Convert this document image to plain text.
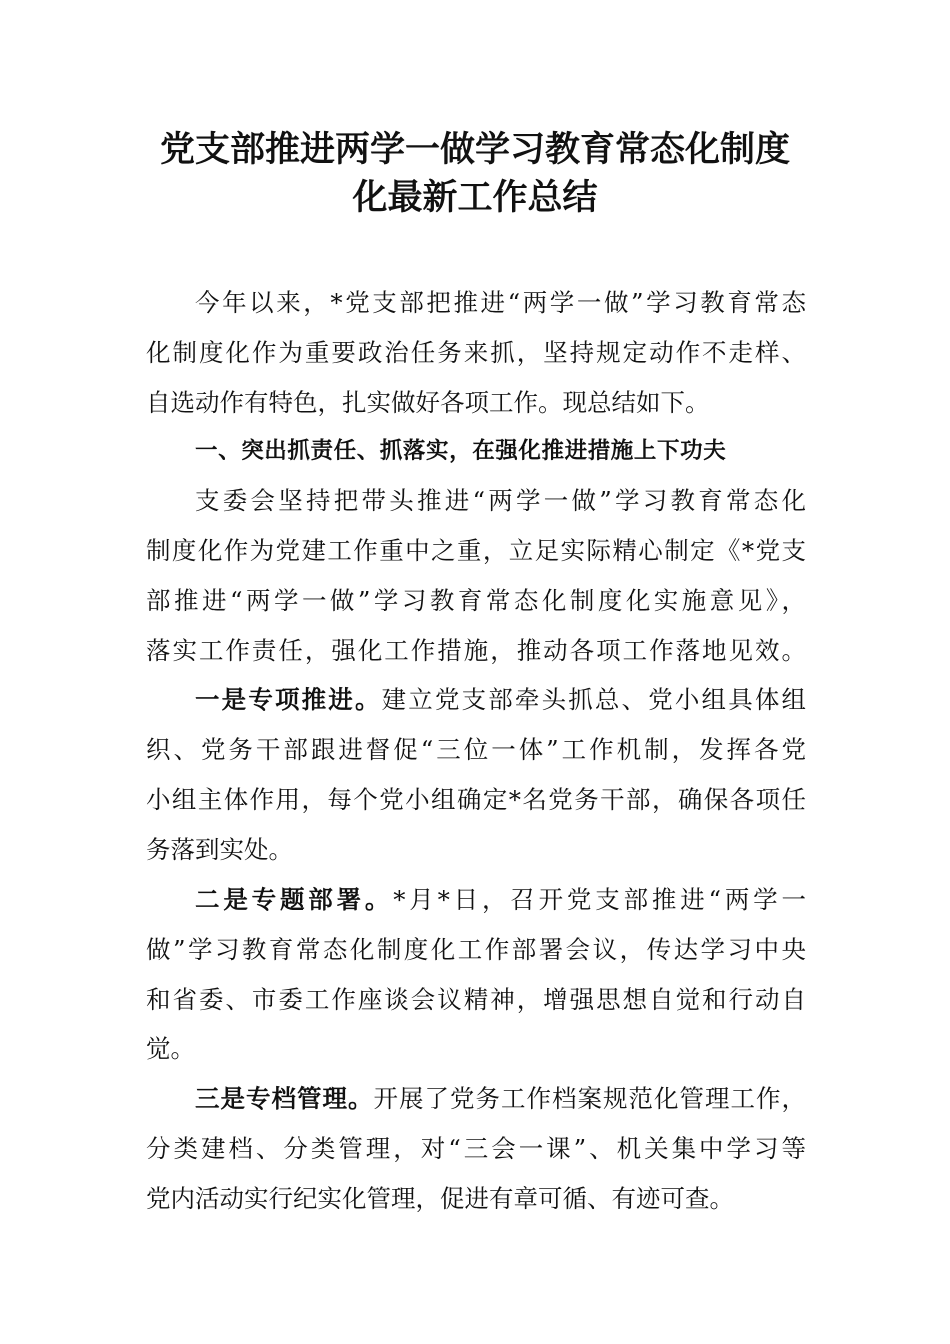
党支部推进两学一做学习教育常态化制度
化最新工作总结
今年以来，*党支部把推进“两学一做”学习教育常态
化制度化作为重要政治任务来抓，坚持规定动作不走样、
自选动作有特色，扎实做好各项工作。现总结如下。
一、突出抓责任、抓落实，在强化推进措施上下功夫
支委会坚持把带头推进“两学一做”学习教育常态化
制度化作为党建工作重中之重，立足实际精心制定《*党支
部推进“两学一做”学习教育常态化制度化实施意见》，
落实工作责任，强化工作措施，推动各项工作落地见效。
一是专项推进。建立党支部牵头抓总、党小组具体组
织、党务干部跟进督促“三位一体”工作机制，发挥各党
小组主体作用，每个党小组确定*名党务干部，确保各项任
务落到实处。
二是专题部署。*月*日，召开党支部推进“两学一
做”学习教育常态化制度化工作部署会议，传达学习中央
和省委、市委工作座谈会议精神，增强思想自觉和行动自
觉。
三是专档管理。开展了党务工作档案规范化管理工作，
分类建档、分类管理，对“三会一课”、机关集中学习等
党内活动实行纪实化管理，促进有章可循、有迹可查。
